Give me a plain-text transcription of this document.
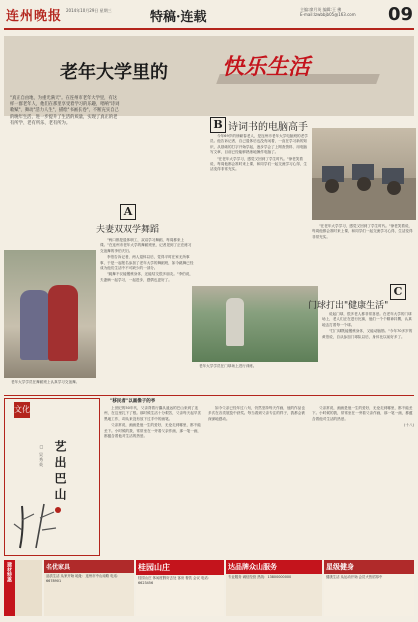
连州晚报 2014年10月29日 星期三	特稿·连载
主编:廖月英 编辑:王 佛
E-mail:lzwbbjb05@163.com	09
老年大学里的 快乐生活

"真正自由地，为重光满天"。在连州市老年大学里，有这样一群老年人，他们在那里享受着学习的乐趣，唱响"诗词歌赋"、舞动"活力人生"，描绘"书画长卷"，不断充实自己的晚年生活，进一步提升了生活的质量，实现了真正的老有所学、老有所乐、老有所为。	B 诗词书的电脑高手

今年69岁的徐颖春老人，是连州市老年大学电脑班的老学员。他告诉记者，自己退休后也没有闲着，一直在学习新的知识，从基础的打字开始学起，逐步学会了上网查资料、用电脑写文章，目前已经能够熟练地操作电脑了。

"在老年大学学习，感觉又回到了学生时代。"徐老笑着说，每周他都会准时来上课，和同学们一起交流学习心得，生活变得非常充实。

"在老年大学学习，感觉又回到了学生时代。"徐老笑着说，每周他都会准时来上课，和同学们一起交流学习心得，生活变得非常充实。

A
夫妻双双学舞蹈

"两口都是退休职工，双双学习舞蹈，每周都来上课。"在连州市老年大学的舞蹈班里，记者见到了正在练习交谊舞的李伯夫妇。

李伯告诉记者，两人退休以后，觉得平时在家无所事事，于是一起报名参加了老年大学的舞蹈班，如今跳舞已经成为他们生活中不可缺少的一部分。

"跳舞不仅能锻炼身体，还能结交很多朋友。"李伯说，夫妻俩一起学习，一起进步，感情也更好了。

老年大学学员在舞蹈班上认真学习交谊舞。

老年大学学员在门球场上进行训练。

C
门球打出"健康生活"

说起门球，很多老人都非常喜爱。在老年大学的门球场上，老人们正在进行比赛，他们一个个精神抖擞，认真地击打着每一个球。

"打门球既能锻炼身体，又能动脑筋。"今年70多岁的黄伯说，自从参加门球队以后，身体比以前好多了。

文化
艺出巴山
□ 吴秀英
"移民者"以画像子的爷

上世纪的50年代，父亲背着行囊从遥远的巴山来到了连州，在这里扎下了根。那时候生活十分艰苦，父亲每天起早贪黑地工作，却从来没有放下过手中的画笔。

父亲常说，画画是他一生的爱好，无论走到哪里，都不能丢下。小时候的我，常常坐在一旁看父亲作画，那一笔一画，都蕴含着他对生活的热爱。

如今父亲已经年过八旬，仍然坚持每天作画，他的作品也多次在各类展览中获奖。每当看到父亲专注的样子，我都会被深深地感动。

父亲常说，画画是他一生的爱好，无论走到哪里，都不能丢下。小时候的我，常常坐在一旁看父亲作画，那一笔一画，都蕴含着他对生活的热爱。

(十八)

建材特惠	名优家具
品质生活 从家开始 地址：连州市中山南路 电话：6678901
桂园山庄
桂园山庄 休闲度假好去处 客房 餐饮 会议 电话：6623456
达品牌众山服务
专业服务 诚信经营 热线：13800000000
星级健身
健康生活 从运动开始 会员火热招募中
